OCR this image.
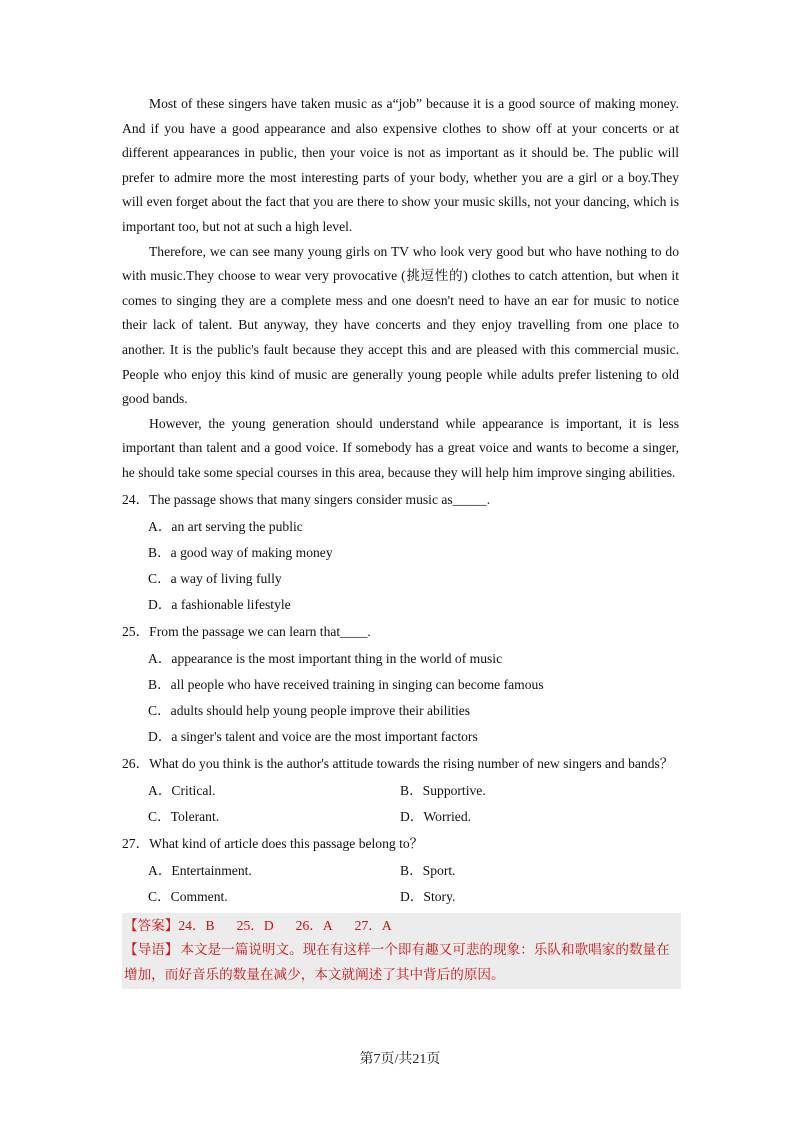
Most of these singers have taken music as a“job” because it is a good source of making money. And if you have a good appearance and also expensive clothes to show off at your concerts or at different appearances in public, then your voice is not as important as it should be. The public will prefer to admire more the most interesting parts of your body, whether you are a girl or a boy.They will even forget about the fact that you are there to show your music skills, not your dancing, which is important too, but not at such a high level.

Therefore, we can see many young girls on TV who look very good but who have nothing to do with music.They choose to wear very provocative (挑逗性的) clothes to catch attention, but when it comes to singing they are a complete mess and one doesn't need to have an ear for music to notice their lack of talent. But anyway, they have concerts and they enjoy travelling from one place to another. It is the public's fault because they accept this and are pleased with this commercial music. People who enjoy this kind of music are generally young people while adults prefer listening to old good bands.

However, the young generation should understand while appearance is important, it is less important than talent and a good voice. If somebody has a great voice and wants to become a singer, he should take some special courses in this area, because they will help him improve singing abilities.

24．The passage shows that many singers consider music as_____.
A．an art serving the public
B．a good way of making money
C．a way of living fully
D．a fashionable lifestyle
25．From the passage we can learn that____.
A．appearance is the most important thing in the world of music
B．all people who have received training in singing can become famous
C．adults should help young people improve their abilities
D．a singer's talent and voice are the most important factors
26．What do you think is the author's attitude towards the rising number of new singers and bands？
A．Critical.	B．Supportive.
C．Tolerant.	D．Worried.
27．What kind of article does this passage belong to？
A．Entertainment.	B．Sport.
C．Comment.	D．Story.
【答案】24．B 25．D 26．A 27．A
【导语】 本文是一篇说明文。现在有这样一个即有趣又可悲的现象：乐队和歌唱家的数量在增加，而好音乐的数量在减少，本文就阐述了其中背后的原因。
第7页/共21页
